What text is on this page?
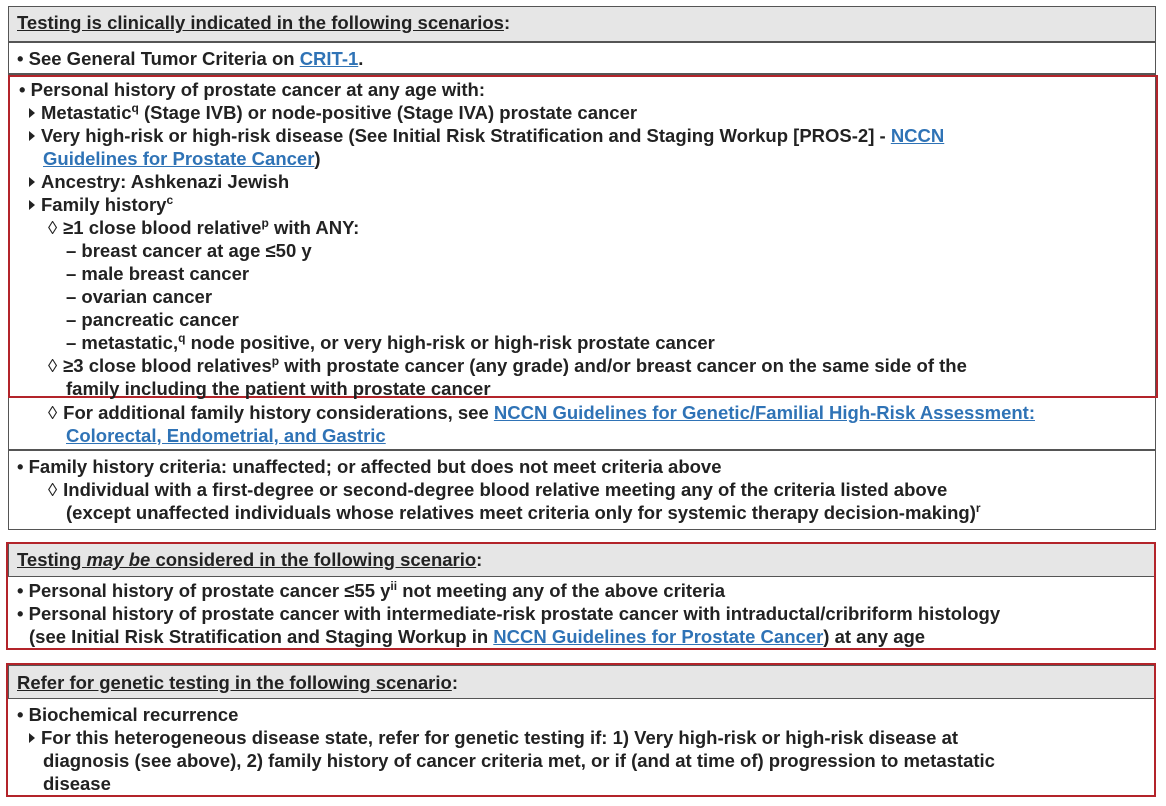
Testing is clinically indicated in the following scenarios:
• See General Tumor Criteria on CRIT-1.
• Personal history of prostate cancer at any age with:
Metastatic$^q$ (Stage IVB) or node-positive (Stage IVA) prostate cancer
Very high-risk or high-risk disease (See Initial Risk Stratification and Staging Workup [PROS-2] - NCCN
Guidelines for Prostate Cancer)
Ancestry: Ashkenazi Jewish
Family history$^c$
◊ ≥1 close blood relative$^p$ with ANY:
– breast cancer at age ≤50 y
– male breast cancer
– ovarian cancer
– pancreatic cancer
– metastatic,$^q$ node positive, or very high-risk or high-risk prostate cancer
◊ ≥3 close blood relatives$^p$ with prostate cancer (any grade) and/or breast cancer on the same side of the
family including the patient with prostate cancer
◊ For additional family history considerations, see NCCN Guidelines for Genetic/Familial High-Risk Assessment:
Colorectal, Endometrial, and Gastric
• Family history criteria: unaffected; or affected but does not meet criteria above
◊ Individual with a first-degree or second-degree blood relative meeting any of the criteria listed above
(except unaffected individuals whose relatives meet criteria only for systemic therapy decision-making)$^r$
Testing may be considered in the following scenario:
• Personal history of prostate cancer ≤55 $y^{ii}$ not meeting any of the above criteria
• Personal history of prostate cancer with intermediate-risk prostate cancer with intraductal/cribriform histology
(see Initial Risk Stratification and Staging Workup in NCCN Guidelines for Prostate Cancer) at any age
Refer for genetic testing in the following scenario:
• Biochemical recurrence
For this heterogeneous disease state, refer for genetic testing if: 1) Very high-risk or high-risk disease at
diagnosis (see above), 2) family history of cancer criteria met, or if (and at time of) progression to metastatic
disease
